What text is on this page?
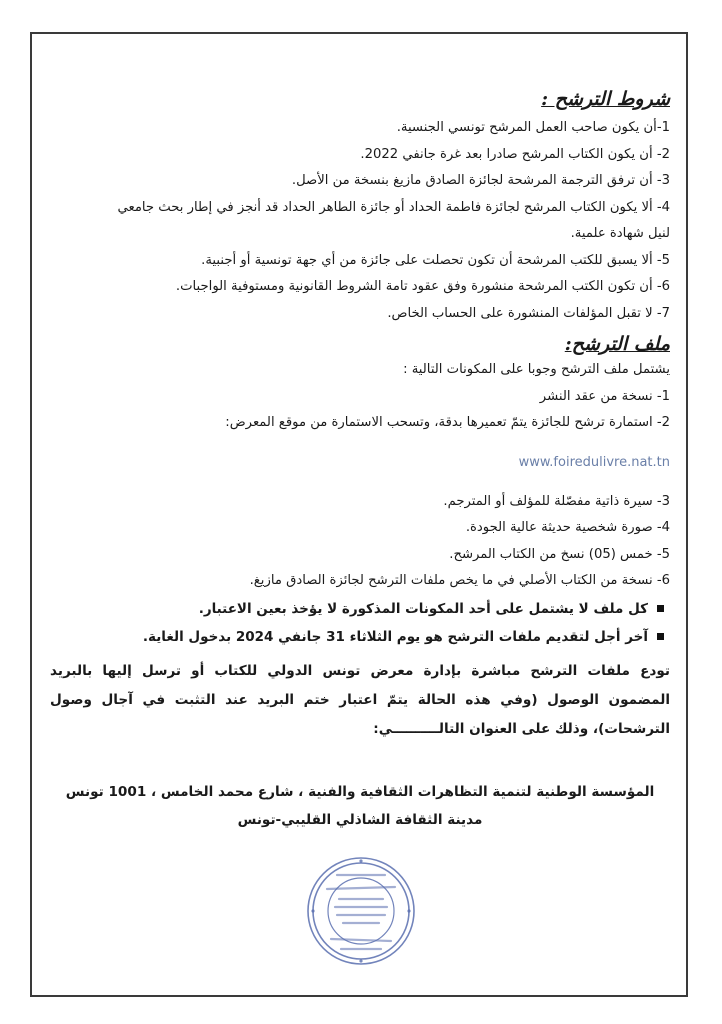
شروط الترشح :

1-أن يكون صاحب العمل المرشح تونسي الجنسية.

2- أن يكون الكتاب المرشح صادرا بعد غرة جانفي 2022.

3- أن ترفق الترجمة المرشحة لجائزة الصادق مازيغ بنسخة من الأصل.

4- ألا يكون الكتاب المرشح لجائزة فاطمة الحداد أو جائزة الطاهر الحداد قد أنجز في إطار بحث جامعي

لنيل شهادة علمية.

5- ألا يسبق للكتب المرشحة أن تكون تحصلت على جائزة من أي جهة تونسية أو أجنبية.

6- أن تكون الكتب المرشحة منشورة وفق عقود تامة الشروط القانونية ومستوفية الواجبات.

7- لا تقبل المؤلفات المنشورة على الحساب الخاص.

ملف الترشح:

يشتمل ملف الترشح وجوبا على المكونات التالية :

1- نسخة من عقد النشر

2- استمارة ترشح للجائزة يتمّ تعميرها بدقة، وتسحب الاستمارة من موقع المعرض:

www.foiredulivre.nat.tn

3- سيرة ذاتية مفصّلة للمؤلف أو المترجم.

4- صورة شخصية حديثة عالية الجودة.

5- خمس (05) نسخ من الكتاب المرشح.

6- نسخة من الكتاب الأصلي في ما يخص ملفات الترشح لجائزة الصادق مازيغ.

كل ملف لا يشتمل على أحد المكونات المذكورة لا يؤخذ بعين الاعتبار.
آخر أجل لتقديم ملفات الترشح هو يوم الثلاثاء 31 جانفي 2024 بدخول الغاية.

تودع ملفات الترشح مباشرة بإدارة معرض تونس الدولي للكتاب أو ترسل إليها بالبريد المضمون الوصول (وفي هذه الحالة يتمّ اعتبار ختم البريد عند التثبت في آجال وصول الترشحات)، وذلك على العنوان التالــــــــــي:

المؤسسة الوطنية لتنمية التظاهرات الثقافية والفنية ، شارع محمد الخامس ، 1001 تونس
مدينة الثقافة الشاذلي القليبي-تونس
